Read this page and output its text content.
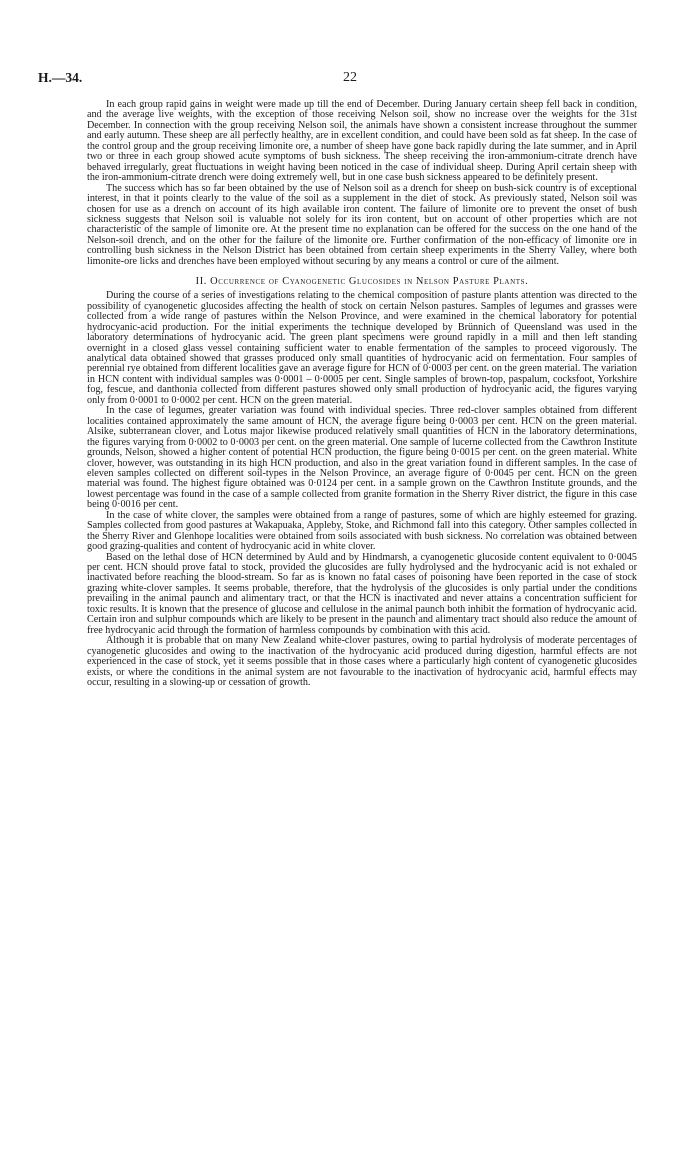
H.—34.	22

In each group rapid gains in weight were made up till the end of December. During January certain sheep fell back in condition, and the average live weights, with the exception of those receiving Nelson soil, show no increase over the weights for the 31st December. In connection with the group receiving Nelson soil, the animals have shown a consistent increase throughout the summer and early autumn. These sheep are all perfectly healthy, are in excellent condition, and could have been sold as fat sheep. In the case of the control group and the group receiving limonite ore, a number of sheep have gone back rapidly during the late summer, and in April two or three in each group showed acute symptoms of bush sickness. The sheep receiving the iron-ammonium-citrate drench have behaved irregularly, great fluctuations in weight having been noticed in the case of individual sheep. During April certain sheep with the iron-ammonium-citrate drench were doing extremely well, but in one case bush sickness appeared to be definitely present.

The success which has so far been obtained by the use of Nelson soil as a drench for sheep on bush-sick country is of exceptional interest, in that it points clearly to the value of the soil as a supplement in the diet of stock. As previously stated, Nelson soil was chosen for use as a drench on account of its high available iron content. The failure of limonite ore to prevent the onset of bush sickness suggests that Nelson soil is valuable not solely for its iron content, but on account of other properties which are not characteristic of the sample of limonite ore. At the present time no explanation can be offered for the success on the one hand of the Nelson-soil drench, and on the other for the failure of the limonite ore. Further confirmation of the non-efficacy of limonite ore in controlling bush sickness in the Nelson District has been obtained from certain sheep experiments in the Sherry Valley, where both limonite-ore licks and drenches have been employed without securing by any means a control or cure of the ailment.

II. Occurrence of Cyanogenetic Glucosides in Nelson Pasture Plants.

During the course of a series of investigations relating to the chemical composition of pasture plants attention was directed to the possibility of cyanogenetic glucosides affecting the health of stock on certain Nelson pastures. Samples of legumes and grasses were collected from a wide range of pastures within the Nelson Province, and were examined in the chemical laboratory for potential hydrocyanic-acid production. For the initial experiments the technique developed by Brünnich of Queensland was used in the laboratory determinations of hydrocyanic acid. The green plant specimens were ground rapidly in a mill and then left standing overnight in a closed glass vessel containing sufficient water to enable fermentation of the samples to proceed vigorously. The analytical data obtained showed that grasses produced only small quantities of hydrocyanic acid on fermentation. Four samples of perennial rye obtained from different localities gave an average figure for HCN of 0·0003 per cent. on the green material. The variation in HCN content with individual samples was 0·0001 – 0·0005 per cent. Single samples of brown-top, paspalum, cocksfoot, Yorkshire fog, fescue, and danthonia collected from different pastures showed only small production of hydrocyanic acid, the figures varying only from 0·0001 to 0·0002 per cent. HCN on the green material.

In the case of legumes, greater variation was found with individual species. Three red-clover samples obtained from different localities contained approximately the same amount of HCN, the average figure being 0·0003 per cent. HCN on the green material. Alsike, subterranean clover, and Lotus major likewise produced relatively small quantities of HCN in the laboratory determinations, the figures varying from 0·0002 to 0·0003 per cent. on the green material. One sample of lucerne collected from the Cawthron Institute grounds, Nelson, showed a higher content of potential HCN production, the figure being 0·0015 per cent. on the green material. White clover, however, was outstanding in its high HCN production, and also in the great variation found in different samples. In the case of eleven samples collected on different soil-types in the Nelson Province, an average figure of 0·0045 per cent. HCN on the green material was found. The highest figure obtained was 0·0124 per cent. in a sample grown on the Cawthron Institute grounds, and the lowest percentage was found in the case of a sample collected from granite formation in the Sherry River district, the figure in this case being 0·0016 per cent.

In the case of white clover, the samples were obtained from a range of pastures, some of which are highly esteemed for grazing. Samples collected from good pastures at Wakapuaka, Appleby, Stoke, and Richmond fall into this category. Other samples collected in the Sherry River and Glenhope localities were obtained from soils associated with bush sickness. No correlation was obtained between good grazing-qualities and content of hydrocyanic acid in white clover.

Based on the lethal dose of HCN determined by Auld and by Hindmarsh, a cyanogenetic glucoside content equivalent to 0·0045 per cent. HCN should prove fatal to stock, provided the glucosides are fully hydrolysed and the hydrocyanic acid is not exhaled or inactivated before reaching the blood-stream. So far as is known no fatal cases of poisoning have been reported in the case of stock grazing white-clover samples. It seems probable, therefore, that the hydrolysis of the glucosides is only partial under the conditions prevailing in the animal paunch and alimentary tract, or that the HCN is inactivated and never attains a concentration sufficient for toxic results. It is known that the presence of glucose and cellulose in the animal paunch both inhibit the formation of hydrocyanic acid. Certain iron and sulphur compounds which are likely to be present in the paunch and alimentary tract should also reduce the amount of free hydrocyanic acid through the formation of harmless compounds by combination with this acid.

Although it is probable that on many New Zealand white-clover pastures, owing to partial hydrolysis of moderate percentages of cyanogenetic glucosides and owing to the inactivation of the hydrocyanic acid produced during digestion, harmful effects are not experienced in the case of stock, yet it seems possible that in those cases where a particularly high content of cyanogenetic glucosides exists, or where the conditions in the animal system are not favourable to the inactivation of hydrocyanic acid, harmful effects may occur, resulting in a slowing-up or cessation of growth.
